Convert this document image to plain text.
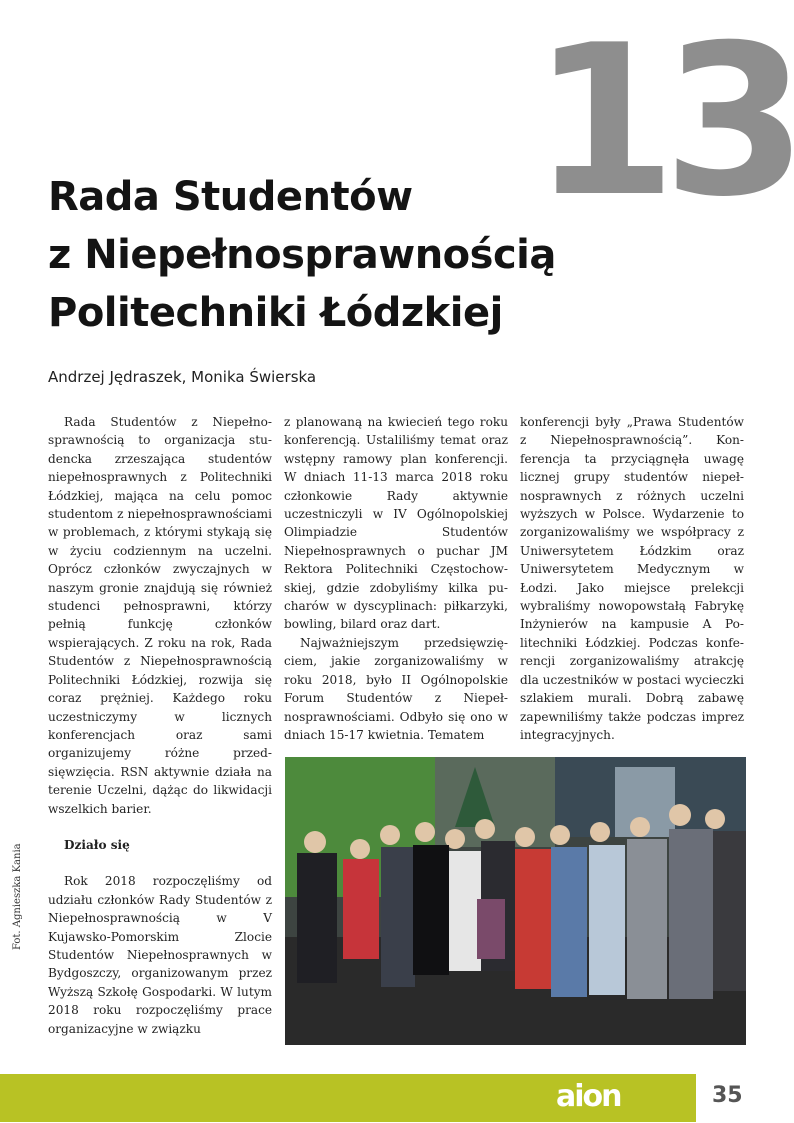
13
Rada Studentów
z Niepełnosprawnością
Politechniki Łódzkiej
Andrzej Jędraszek, Monika Świerska

Rada Studentów z Niepełnosprawnością to organizacja studencka zrzeszająca studentów niepełnosprawnych z Politechniki Łódzkiej, mająca na celu pomoc studentom z niepełnosprawnościami w problemach, z którymi stykają się w życiu codziennym na uczelni. Oprócz członków zwyczajnych w naszym gronie znajdują się również studenci pełnosprawni, którzy pełnią funkcję członków wspierających. Z roku na rok, Rada Studentów z Niepełnosprawnością Politechniki Łódzkiej, rozwija się coraz prężniej. Każdego roku uczestniczymy w licznych konferencjach oraz sami organizujemy różne przedsięwzięcia. RSN aktywnie działa na terenie Uczelni, dążąc do likwidacji wszelkich barier.

Działo się

Rok 2018 rozpoczęliśmy od udziału członków Rady Studentów z Niepełnosprawnością w V Kujawsko-Pomorskim Zlocie Studentów Niepełnosprawnych w Bydgoszczy, organizowanym przez Wyższą Szkołę Gospodarki. W lutym 2018 roku rozpoczęliśmy prace organizacyjne w związku

z planowaną na kwiecień tego roku konferencją. Ustaliliśmy temat oraz wstępny ramowy plan konferencji. W dniach 11-13 marca 2018 roku członkowie Rady aktywnie uczestniczyli w IV Ogólnopolskiej Olimpiadzie Studentów Niepełnosprawnych o puchar JM Rektora Politechniki Częstochowskiej, gdzie zdobyliśmy kilka pucharów w dyscyplinach: piłkarzyki, bowling, bilard oraz dart.

Najważniejszym przedsięwzięciem, jakie zorganizowaliśmy w roku 2018, było II Ogólnopolskie Forum Studentów z Niepełnosprawnościami. Odbyło się ono w dniach 15-17 kwietnia. Tematem

konferencji były „Prawa Studentów z Niepełnosprawnością”. Konferencja ta przyciągnęła uwagę licznej grupy studentów niepełnosprawnych z różnych uczelni wyższych w Polsce. Wydarzenie to zorganizowaliśmy we współpracy z Uniwersytetem Łódzkim oraz Uniwersytetem Medycznym w Łodzi. Jako miejsce prelekcji wybraliśmy nowopowstałą Fabrykę Inżynierów na kampusie A Politechniki Łódzkiej. Podczas konferencji zorganizowaliśmy atrakcję dla uczestników w postaci wycieczki szlakiem murali. Dobrą zabawę zapewniliśmy także podczas imprez integracyjnych.

Fot. Agnieszka Kania
aion	35
